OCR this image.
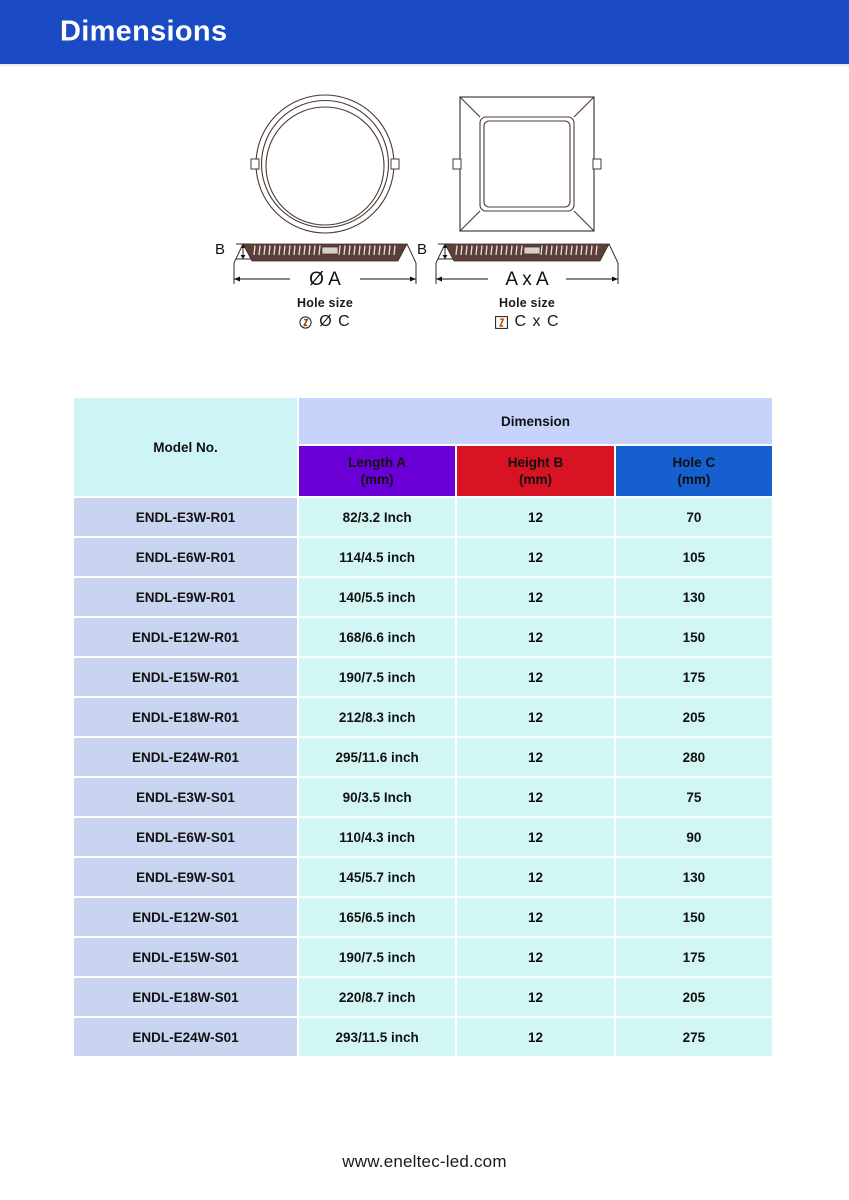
Dimensions
B
Ø A
Hole size
Ø C
B
A x A
Hole size
C x C
Model No.	Dimension		

Length A
(mm)

Height B
(mm)

Hole C
(mm)

ENDL-E3W-R01	82/3.2 Inch	12	70
ENDL-E6W-R01	114/4.5 inch	12	105
ENDL-E9W-R01	140/5.5 inch	12	130
ENDL-E12W-R01	168/6.6 inch	12	150
ENDL-E15W-R01	190/7.5 inch	12	175
ENDL-E18W-R01	212/8.3 inch	12	205
ENDL-E24W-R01	295/11.6 inch	12	280
ENDL-E3W-S01	90/3.5 Inch	12	75
ENDL-E6W-S01	110/4.3 inch	12	90
ENDL-E9W-S01	145/5.7 inch	12	130
ENDL-E12W-S01	165/6.5 inch	12	150
ENDL-E15W-S01	190/7.5 inch	12	175
ENDL-E18W-S01	220/8.7 inch	12	205
ENDL-E24W-S01	293/11.5 inch	12	275
www.eneltec-led.com
